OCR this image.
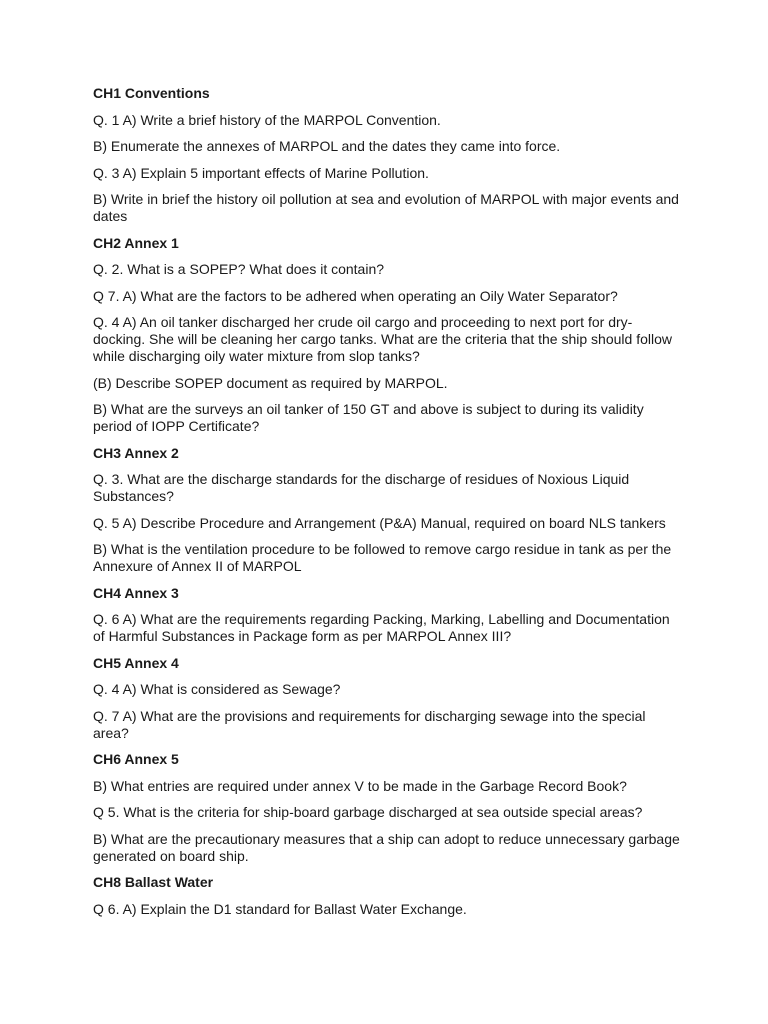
CH1 Conventions
Q. 1 A) Write a brief history of the MARPOL Convention.
B) Enumerate the annexes of MARPOL and the dates they came into force.
Q. 3 A) Explain 5 important effects of Marine Pollution.
B) Write in brief the history oil pollution at sea and evolution of MARPOL with major events and dates
CH2 Annex 1
Q. 2. What is a SOPEP? What does it contain?
Q 7. A) What are the factors to be adhered when operating an Oily Water Separator?
Q. 4 A) An oil tanker discharged her crude oil cargo and proceeding to next port for dry-docking. She will be cleaning her cargo tanks. What are the criteria that the ship should follow while discharging oily water mixture from slop tanks?
(B) Describe SOPEP document as required by MARPOL.
B) What are the surveys an oil tanker of 150 GT and above is subject to during its validity period of IOPP Certificate?
CH3 Annex 2
Q. 3. What are the discharge standards for the discharge of residues of Noxious Liquid Substances?
Q. 5 A) Describe Procedure and Arrangement (P&A) Manual, required on board NLS tankers
B) What is the ventilation procedure to be followed to remove cargo residue in tank as per the Annexure of Annex II of MARPOL
CH4 Annex 3
Q. 6 A) What are the requirements regarding Packing, Marking, Labelling and Documentation of Harmful Substances in Package form as per MARPOL Annex III?
CH5 Annex 4
Q. 4 A) What is considered as Sewage?
Q. 7 A) What are the provisions and requirements for discharging sewage into the special area?
CH6 Annex 5
B) What entries are required under annex V to be made in the Garbage Record Book?
Q 5. What is the criteria for ship-board garbage discharged at sea outside special areas?
B) What are the precautionary measures that a ship can adopt to reduce unnecessary garbage generated on board ship.
CH8 Ballast Water
Q 6. A) Explain the D1 standard for Ballast Water Exchange.
